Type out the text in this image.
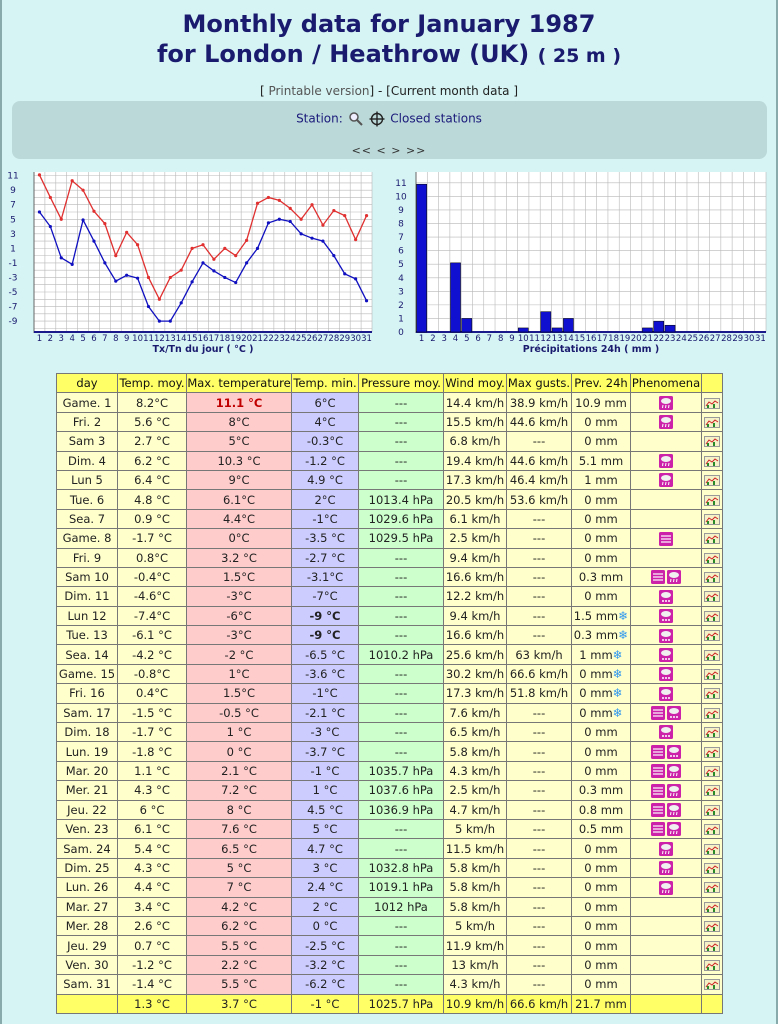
Monthly data for January 1987
for London / Heathrow (UK) ( 25 m )
[ Printable version] - [Current month data ]
Station:	Closed stations
<< < > >>
11
9
7
5
3
1
-1
-3
-5
-7
-9
1 2 3 4 5 6 7 8 9 10 11 12 13 14 15 16 17 18 19 20 21 22 23 24 25 26 27 28 29 30 31
Tx/Tn du jour ( °C )
0
1
2
3
4
5
6
7
8
9
10
11
1 2 3 4 5 6 7 8 9 10 11 12 13 14 15 16 17 18 19 20 21 22 23 24 25 26 27 28 29 30 31
Précipitations 24h ( mm )
day	Temp. moy.	Max. temperature	Temp. min.	Pressure moy.	Wind moy.	Max gusts.	Prev. 24h	Phenomena	
Game. 1	8.2°C	11.1 °C	6°C	---	14.4 km/h	38.9 km/h	10.9 mm		
Fri. 2	5.6 °C	8°C	4°C	---	15.5 km/h	44.6 km/h	0 mm		
Sam 3	2.7 °C	5°C	-0.3°C	---	6.8 km/h	---	0 mm		
Dim. 4	6.2 °C	10.3 °C	-1.2 °C	---	19.4 km/h	44.6 km/h	5.1 mm		
Lun 5	6.4 °C	9°C	4.9 °C	---	17.3 km/h	46.4 km/h	1 mm		
Tue. 6	4.8 °C	6.1°C	2°C	1013.4 hPa	20.5 km/h	53.6 km/h	0 mm		
Sea. 7	0.9 °C	4.4°C	-1°C	1029.6 hPa	6.1 km/h	---	0 mm		
Game. 8	-1.7 °C	0°C	-3.5 °C	1029.5 hPa	2.5 km/h	---	0 mm		
Fri. 9	0.8°C	3.2 °C	-2.7 °C	---	9.4 km/h	---	0 mm		
Sam 10	-0.4°C	1.5°C	-3.1°C	---	16.6 km/h	---	0.3 mm		
Dim. 11	-4.6°C	-3°C	-7°C	---	12.2 km/h	---	0 mm		
Lun 12	-7.4°C	-6°C	-9 °C	---	9.4 km/h	---	1.5 mm❄		
Tue. 13	-6.1 °C	-3°C	-9 °C	---	16.6 km/h	---	0.3 mm❄		
Sea. 14	-4.2 °C	-2 °C	-6.5 °C	1010.2 hPa	25.6 km/h	63 km/h	1 mm❄		
Game. 15	-0.8°C	1°C	-3.6 °C	---	30.2 km/h	66.6 km/h	0 mm❄		
Fri. 16	0.4°C	1.5°C	-1°C	---	17.3 km/h	51.8 km/h	0 mm❄		
Sam. 17	-1.5 °C	-0.5 °C	-2.1 °C	---	7.6 km/h	---	0 mm❄		
Dim. 18	-1.7 °C	1 °C	-3 °C	---	6.5 km/h	---	0 mm		
Lun. 19	-1.8 °C	0 °C	-3.7 °C	---	5.8 km/h	---	0 mm		
Mar. 20	1.1 °C	2.1 °C	-1 °C	1035.7 hPa	4.3 km/h	---	0 mm		
Mer. 21	4.3 °C	7.2 °C	1 °C	1037.6 hPa	2.5 km/h	---	0.3 mm		
Jeu. 22	6 °C	8 °C	4.5 °C	1036.9 hPa	4.7 km/h	---	0.8 mm		
Ven. 23	6.1 °C	7.6 °C	5 °C	---	5 km/h	---	0.5 mm		
Sam. 24	5.4 °C	6.5 °C	4.7 °C	---	11.5 km/h	---	0 mm		
Dim. 25	4.3 °C	5 °C	3 °C	1032.8 hPa	5.8 km/h	---	0 mm		
Lun. 26	4.4 °C	7 °C	2.4 °C	1019.1 hPa	5.8 km/h	---	0 mm		
Mar. 27	3.4 °C	4.2 °C	2 °C	1012 hPa	5.8 km/h	---	0 mm		
Mer. 28	2.6 °C	6.2 °C	0 °C	---	5 km/h	---	0 mm		
Jeu. 29	0.7 °C	5.5 °C	-2.5 °C	---	11.9 km/h	---	0 mm		
Ven. 30	-1.2 °C	2.2 °C	-3.2 °C	---	13 km/h	---	0 mm		
Sam. 31	-1.4 °C	5.5 °C	-6.2 °C	---	4.3 km/h	---	0 mm		
	1.3 °C	3.7 °C	-1 °C	1025.7 hPa	10.9 km/h	66.6 km/h	21.7 mm		
